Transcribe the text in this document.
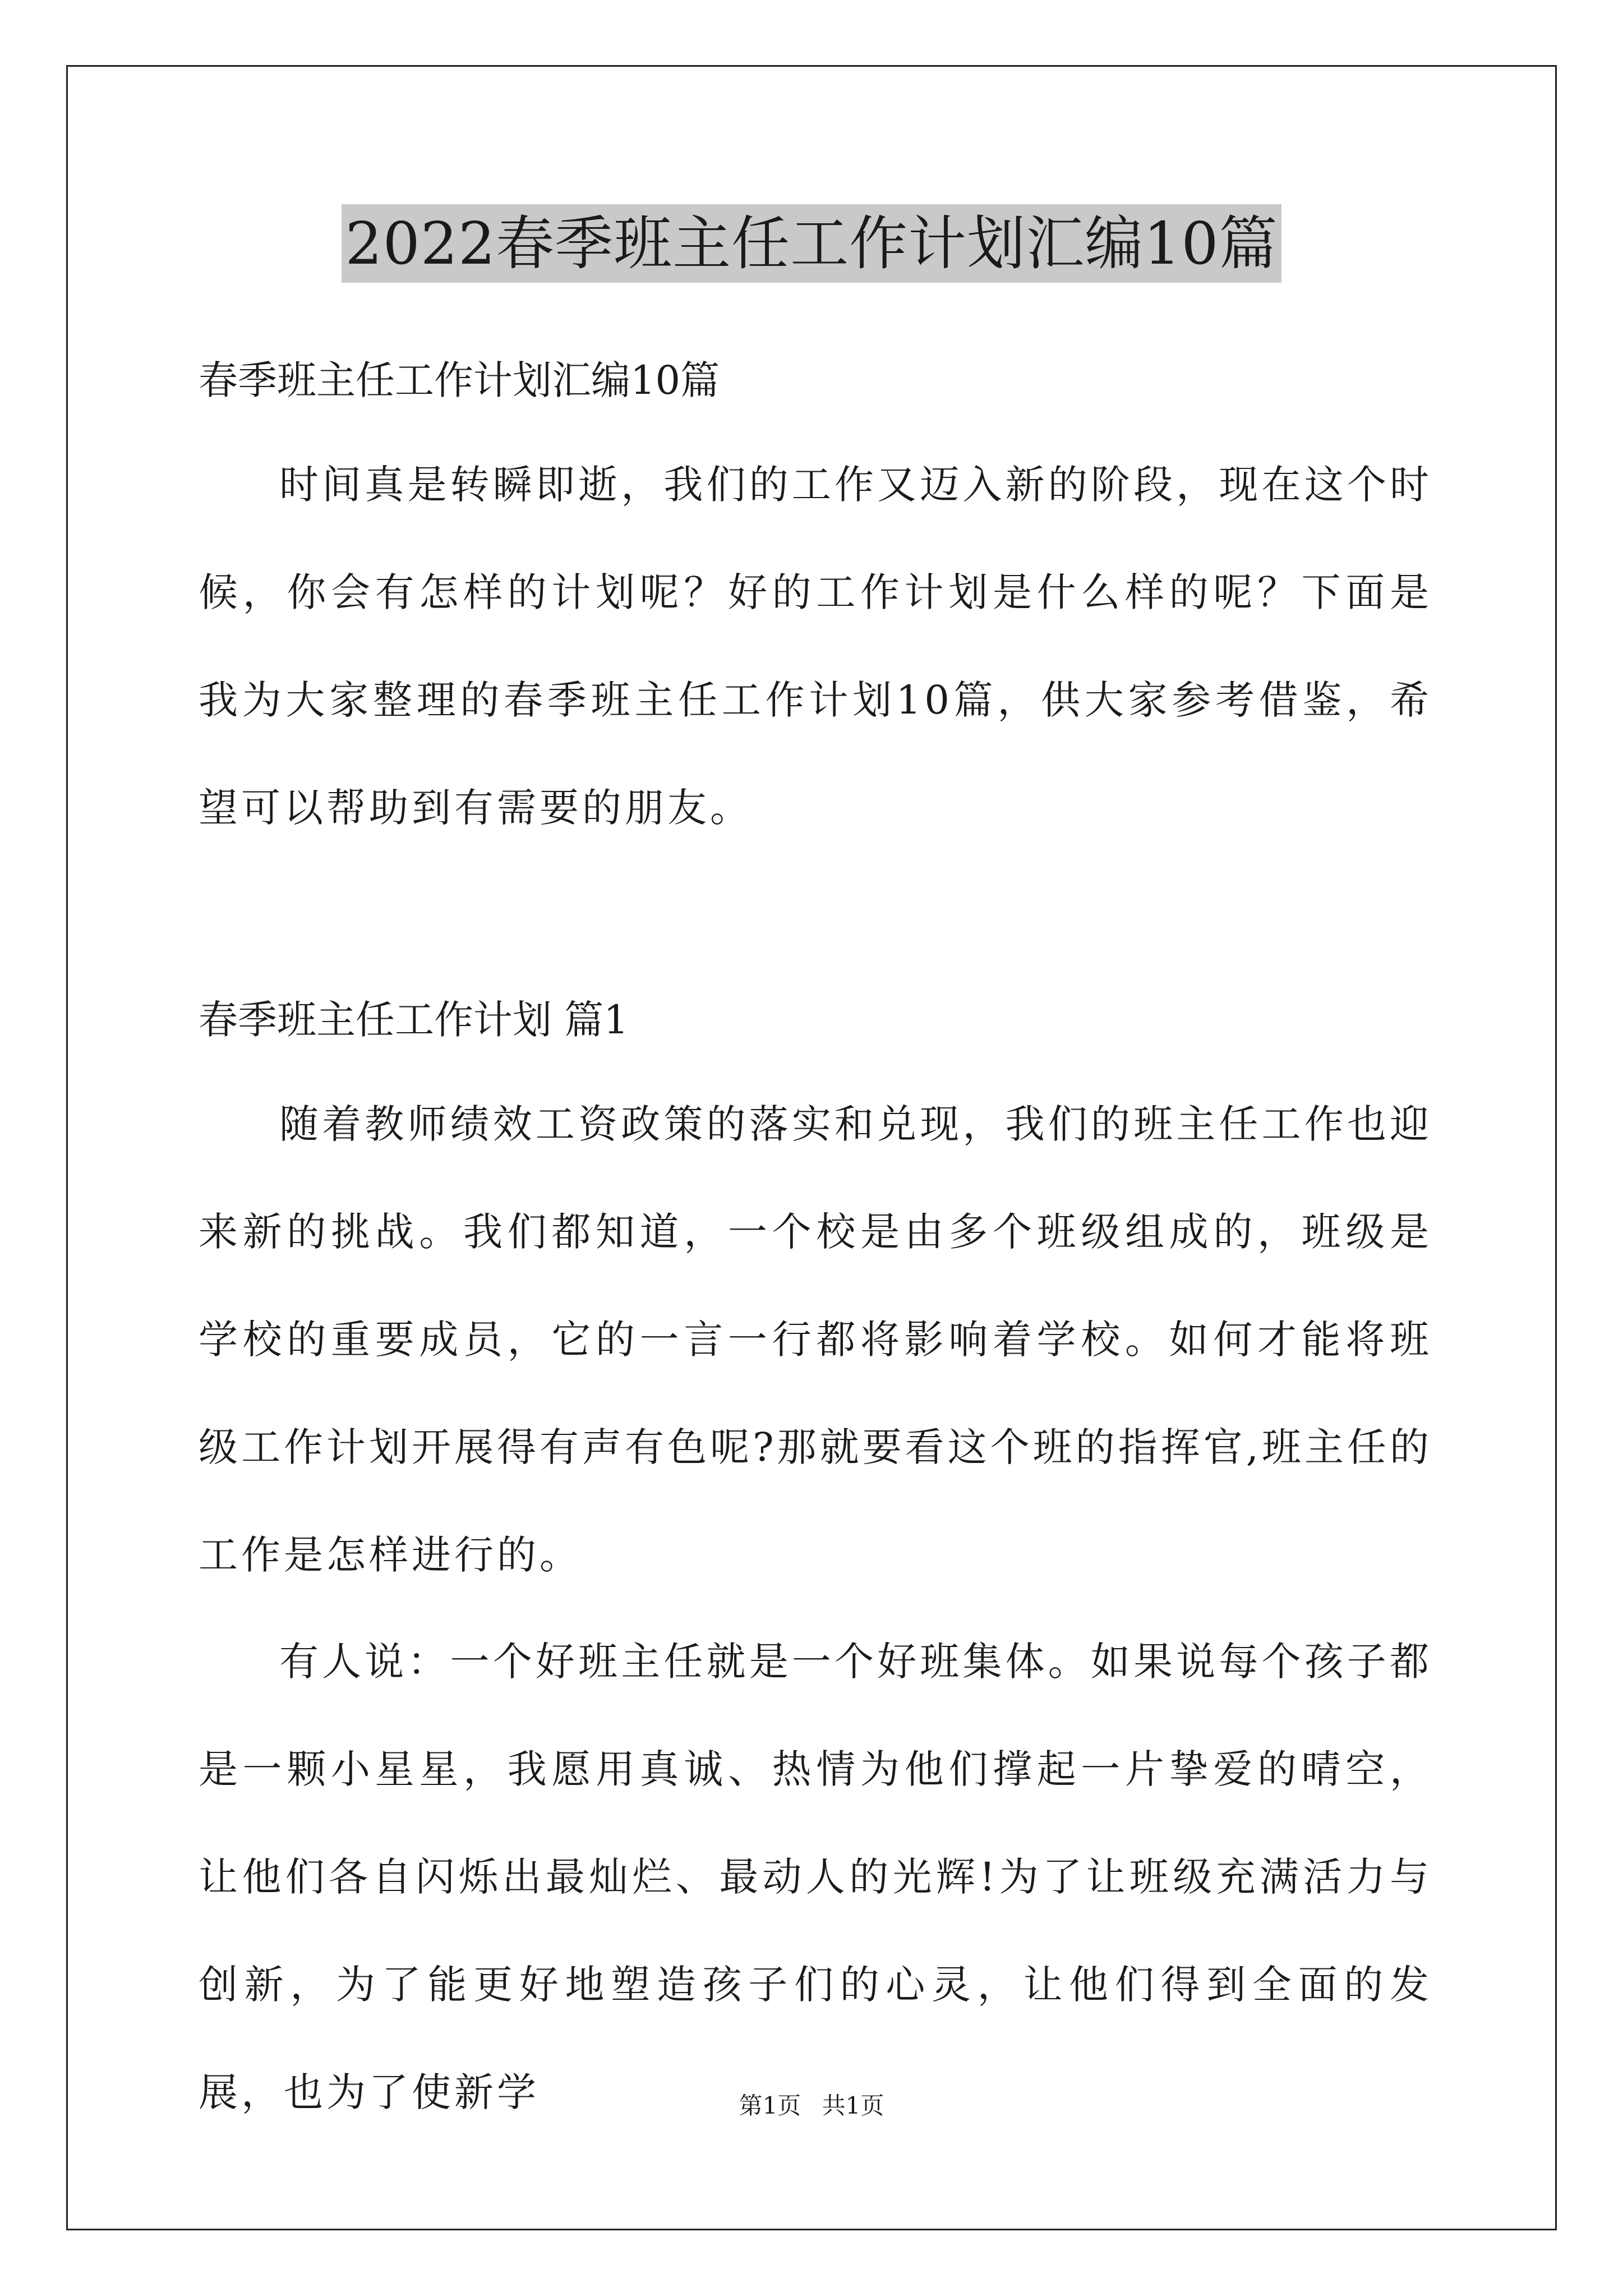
2022春季班主任工作计划汇编10篇
春季班主任工作计划汇编10篇

时间真是转瞬即逝，我们的工作又迈入新的阶段，现在这个时候，你会有怎样的计划呢？好的工作计划是什么样的呢？下面是我为大家整理的春季班主任工作计划10篇，供大家参考借鉴，希望可以帮助到有需要的朋友。

春季班主任工作计划 篇1

随着教师绩效工资政策的落实和兑现，我们的班主任工作也迎来新的挑战。我们都知道，一个校是由多个班级组成的，班级是学校的重要成员，它的一言一行都将影响着学校。如何才能将班级工作计划开展得有声有色呢?那就要看这个班的指挥官,班主任的工作是怎样进行的。

有人说：一个好班主任就是一个好班集体。如果说每个孩子都是一颗小星星，我愿用真诚、热情为他们撑起一片挚爱的晴空，让他们各自闪烁出最灿烂、最动人的光辉!为了让班级充满活力与创新，为了能更好地塑造孩子们的心灵，让他们得到全面的发展，也为了使新学	第1页 共1页
